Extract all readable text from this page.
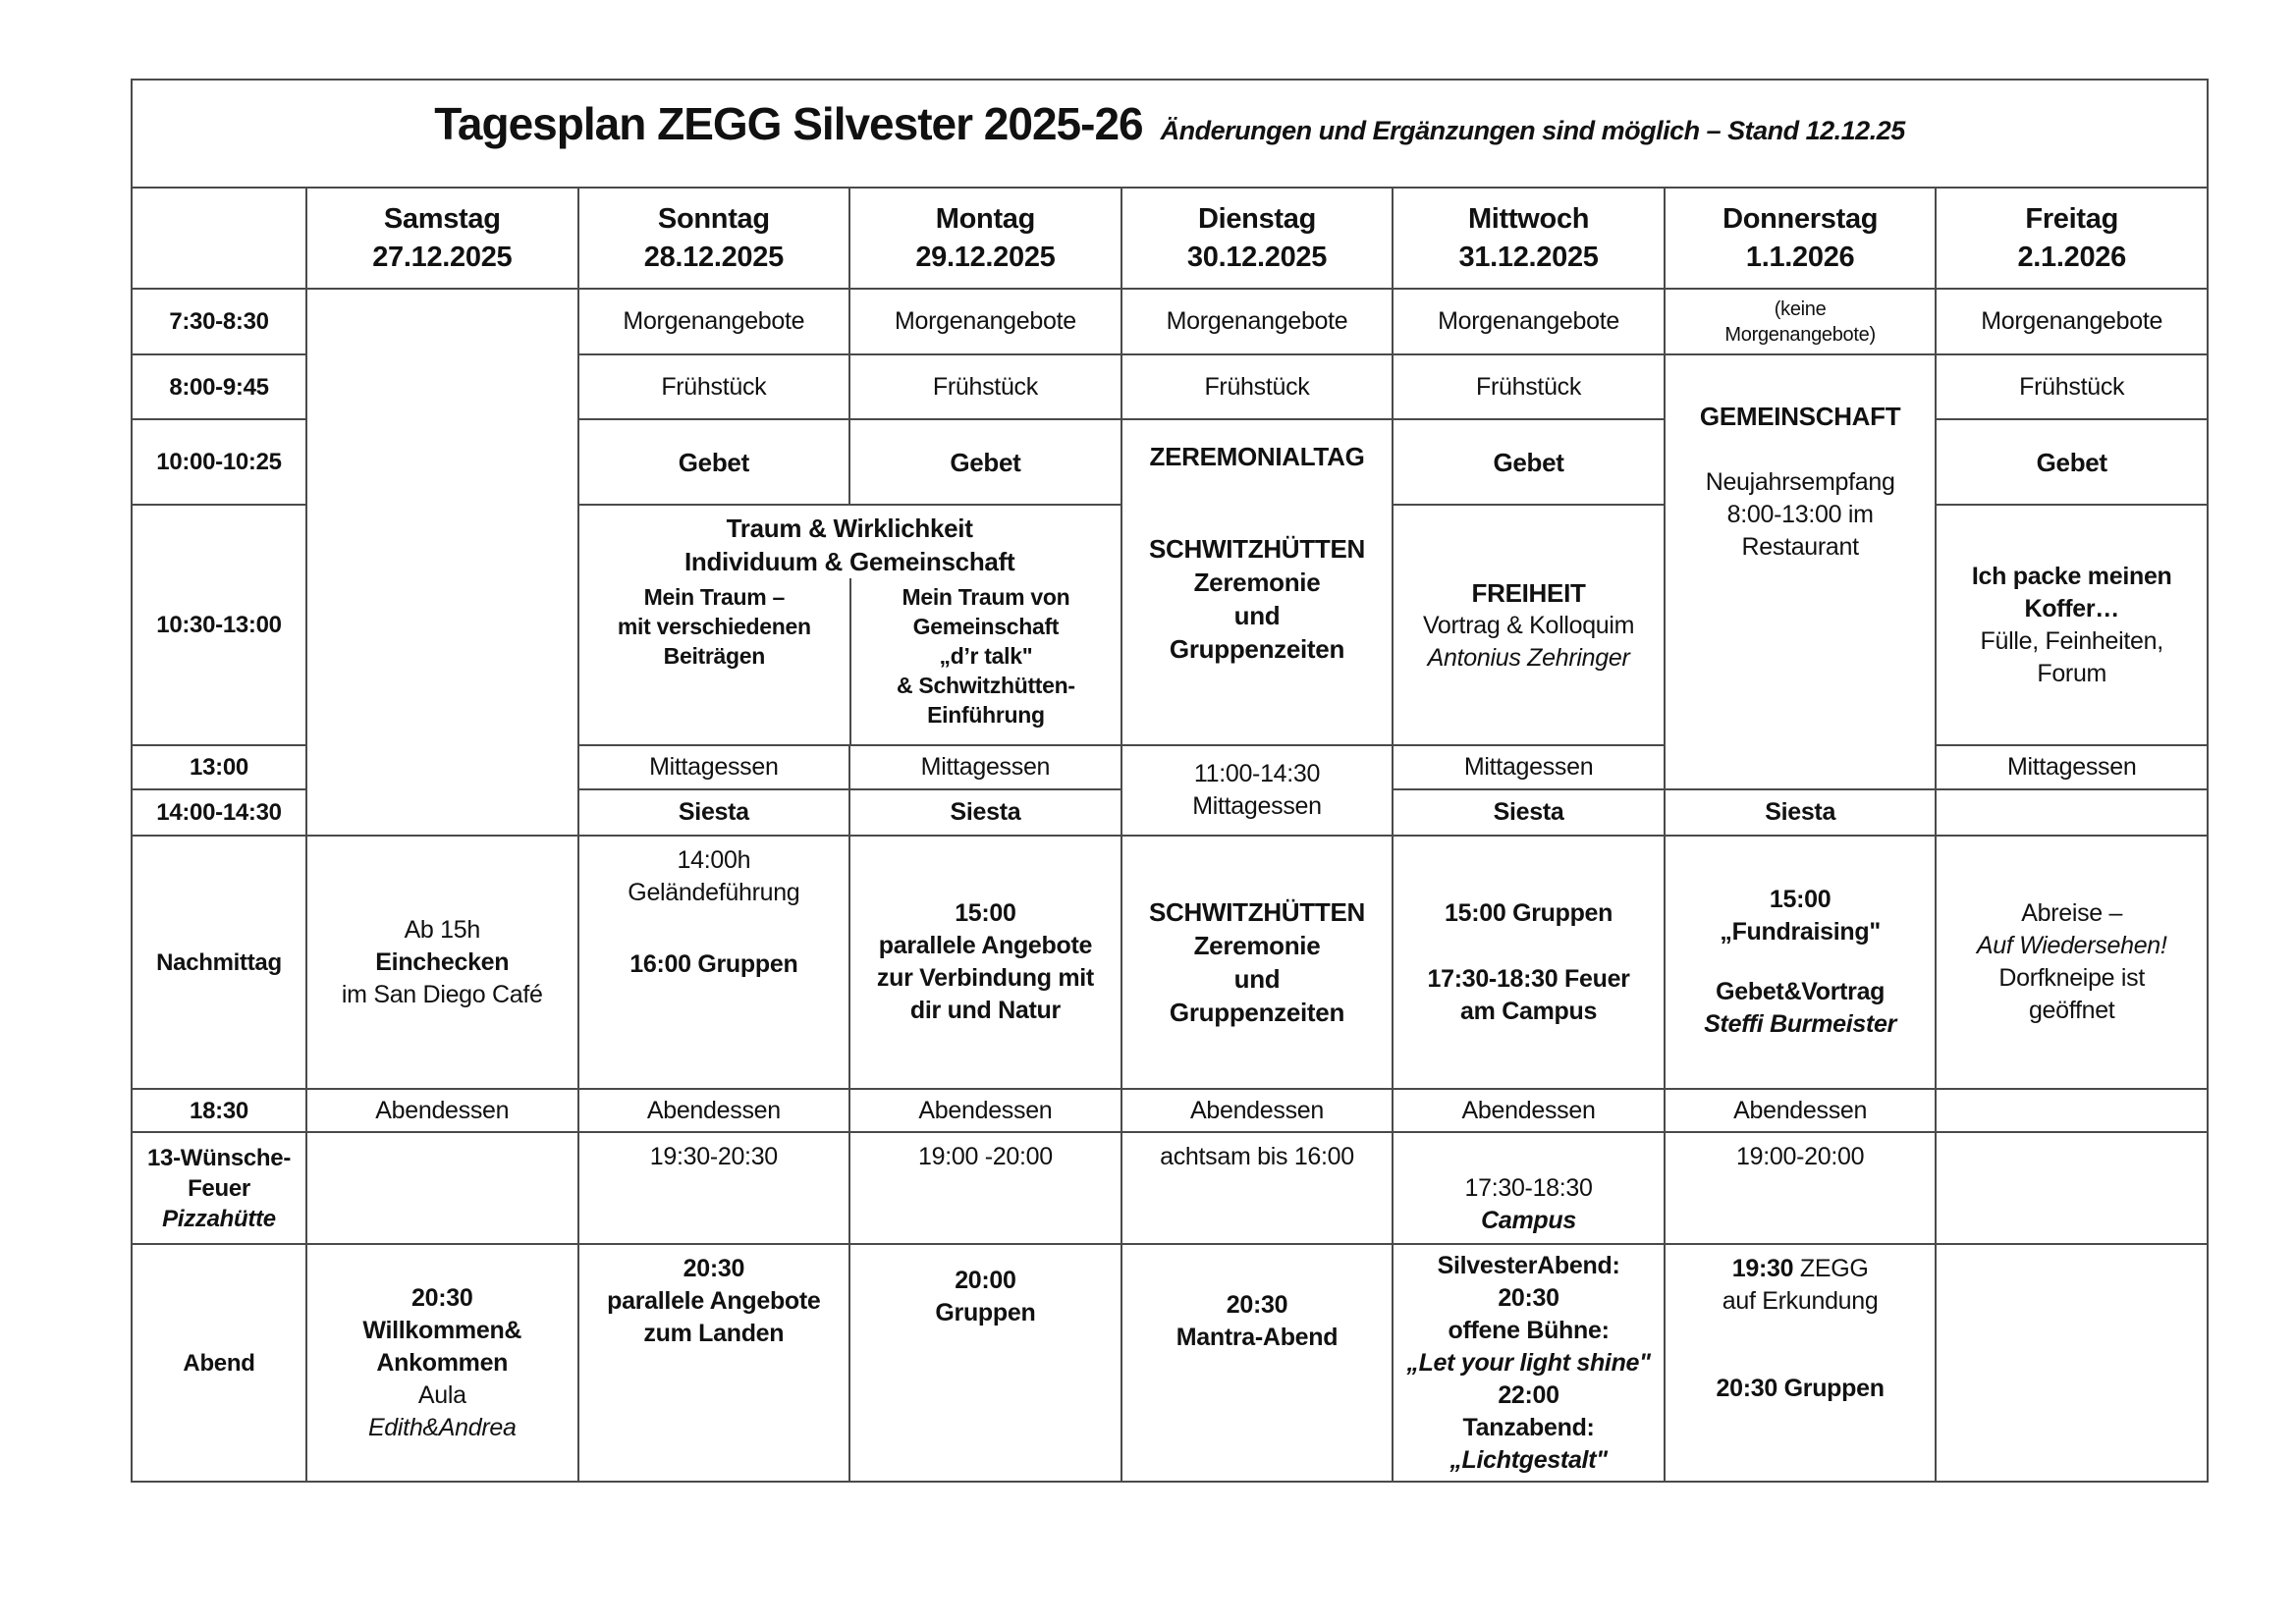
Tagesplan ZEGG Silvester 2025-26 Änderungen und Ergänzungen sind möglich – Stand 12.12.25
Samstag
27.12.2025
Sonntag
28.12.2025
Montag
29.12.2025
Dienstag
30.12.2025
Mittwoch
31.12.2025
Donnerstag
1.1.2026
Freitag
2.1.2026
7:30-8:30
8:00-9:45
10:00-10:25
10:30-13:00
13:00
14:00-14:30
Nachmittag
18:30
13-Wünsche-
Feuer
Pizzahütte
Abend
Ab 15h
Einchecken
im San Diego Café
Abendessen
20:30
Willkommen&
Ankommen
Aula
Edith&Andrea
Morgenangebote
Frühstück
Gebet
Mittagessen
Siesta
14:00h
Geländeführung
16:00 Gruppen
Abendessen
19:30-20:30
20:30
parallele Angebote
zum Landen
Morgenangebote
Frühstück
Gebet
Mittagessen
Siesta
15:00
parallele Angebote
zur Verbindung mit
dir und Natur
Abendessen
19:00 -20:00
20:00
Gruppen
Traum & Wirklichkeit
Individuum & Gemeinschaft
Mein Traum –
mit verschiedenen
Beiträgen
Mein Traum von
Gemeinschaft
„d’r talk"
& Schwitzhütten-
Einführung
Morgenangebote
Frühstück
ZEREMONIALTAG
SCHWITZHÜTTEN
Zeremonie
und
Gruppenzeiten
11:00-14:30
Mittagessen
SCHWITZHÜTTEN
Zeremonie
und
Gruppenzeiten
Abendessen
achtsam bis 16:00
20:30
Mantra-Abend
Morgenangebote
Frühstück
Gebet
FREIHEIT
Vortrag & Kolloquim
Antonius Zehringer
Mittagessen
Siesta
15:00 Gruppen
17:30-18:30 Feuer
am Campus
Abendessen
17:30-18:30
Campus
SilvesterAbend:
20:30
offene Bühne:
„Let your light shine"
22:00
Tanzabend:
„Lichtgestalt"
(keine
Morgenangebote)
GEMEINSCHAFT
Neujahrsempfang
8:00-13:00 im
Restaurant
Siesta
15:00
„Fundraising"
Gebet&Vortrag
Steffi Burmeister
Abendessen
19:00-20:00
19:30 ZEGG
auf Erkundung
20:30 Gruppen
Morgenangebote
Frühstück
Gebet
Ich packe meinen
Koffer…
Fülle, Feinheiten,
Forum
Mittagessen
Abreise –
Auf Wiedersehen!
Dorfkneipe ist
geöffnet
